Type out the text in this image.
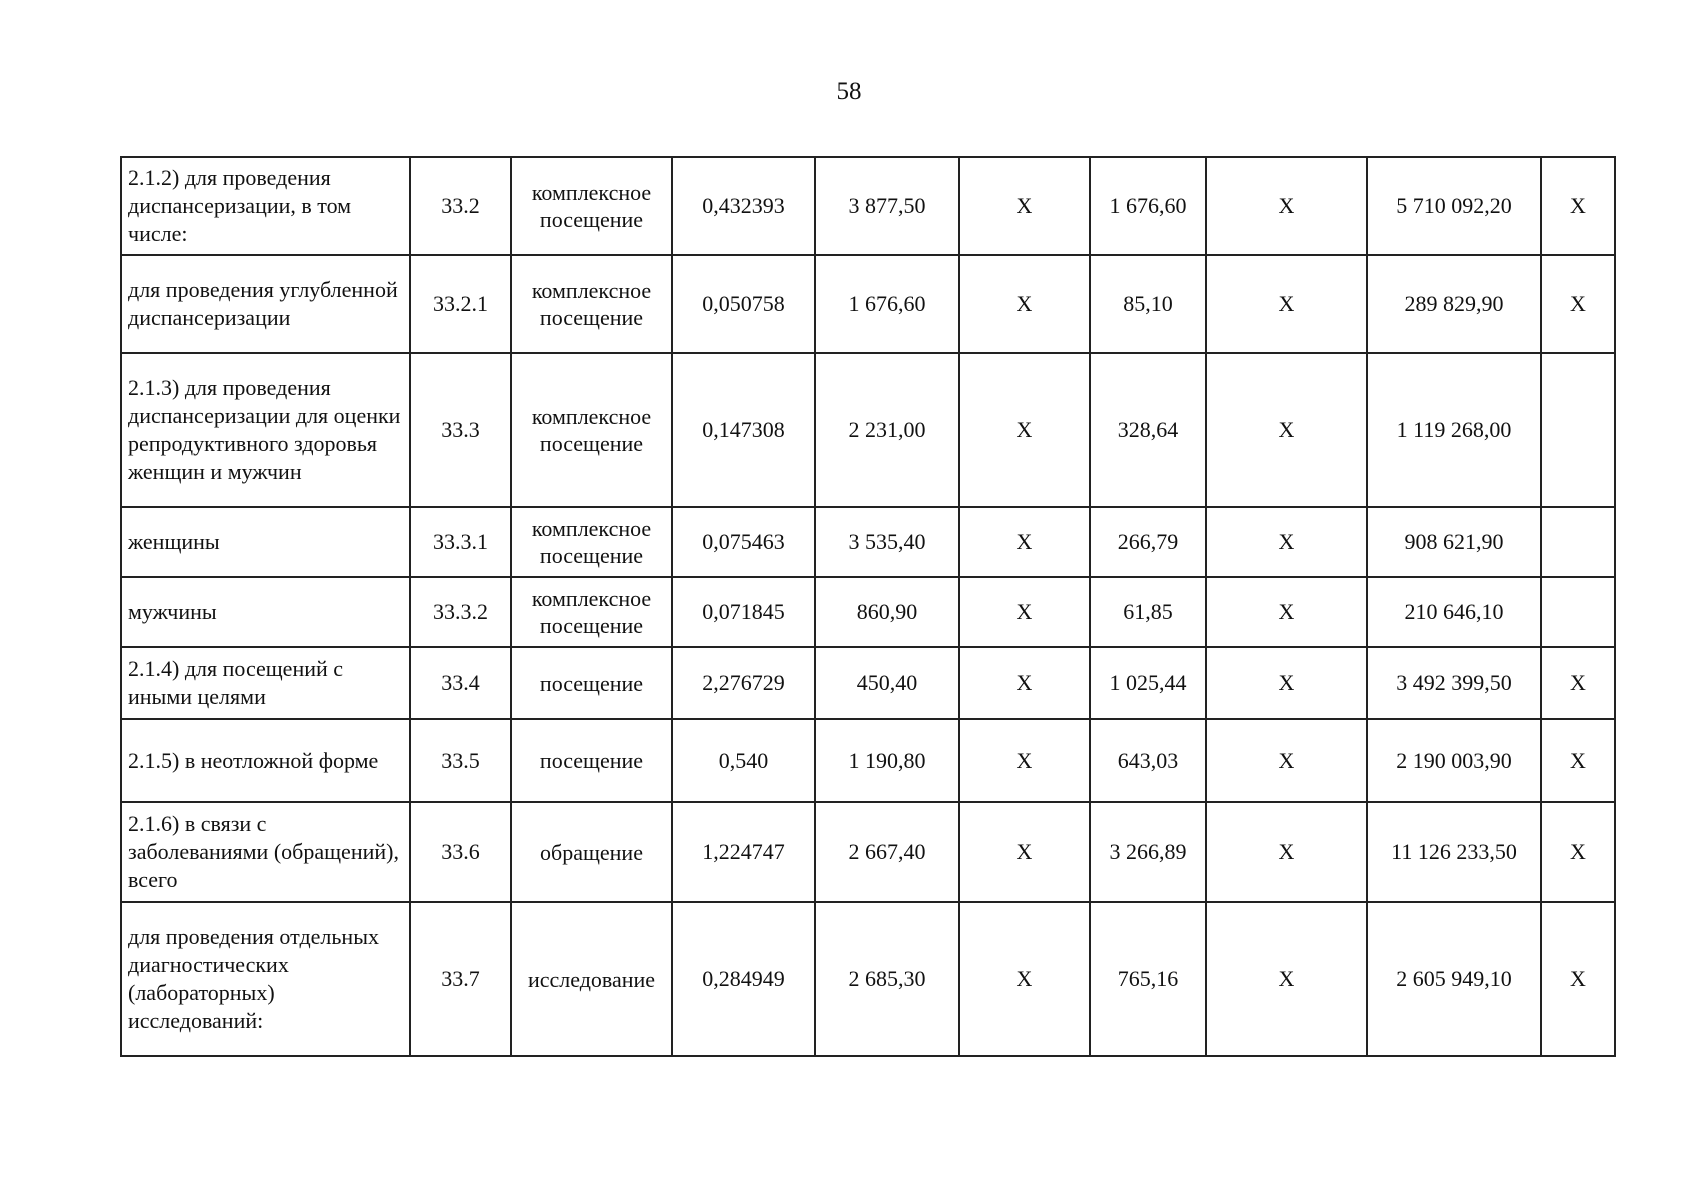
58
2.1.2) для проведения диспансеризации, в том числе:	33.2	комплексное посещение	0,432393	3 877,50	X	1 676,60	X	5 710 092,20	X
для проведения углубленной диспансеризации	33.2.1	комплексное посещение	0,050758	1 676,60	X	85,10	X	289 829,90	X
2.1.3) для проведения диспансеризации для оценки репродуктивного здоровья женщин и мужчин	33.3	комплексное посещение	0,147308	2 231,00	X	328,64	X	1 119 268,00	
женщины	33.3.1	комплексное посещение	0,075463	3 535,40	X	266,79	X	908 621,90	
мужчины	33.3.2	комплексное посещение	0,071845	860,90	X	61,85	X	210 646,10	
2.1.4) для посещений с иными целями	33.4	посещение	2,276729	450,40	X	1 025,44	X	3 492 399,50	X
2.1.5) в неотложной форме	33.5	посещение	0,540	1 190,80	X	643,03	X	2 190 003,90	X
2.1.6) в связи с заболеваниями (обращений), всего	33.6	обращение	1,224747	2 667,40	X	3 266,89	X	11 126 233,50	X
для проведения отдельных диагностических (лабораторных) исследований:	33.7	исследование	0,284949	2 685,30	X	765,16	X	2 605 949,10	X
